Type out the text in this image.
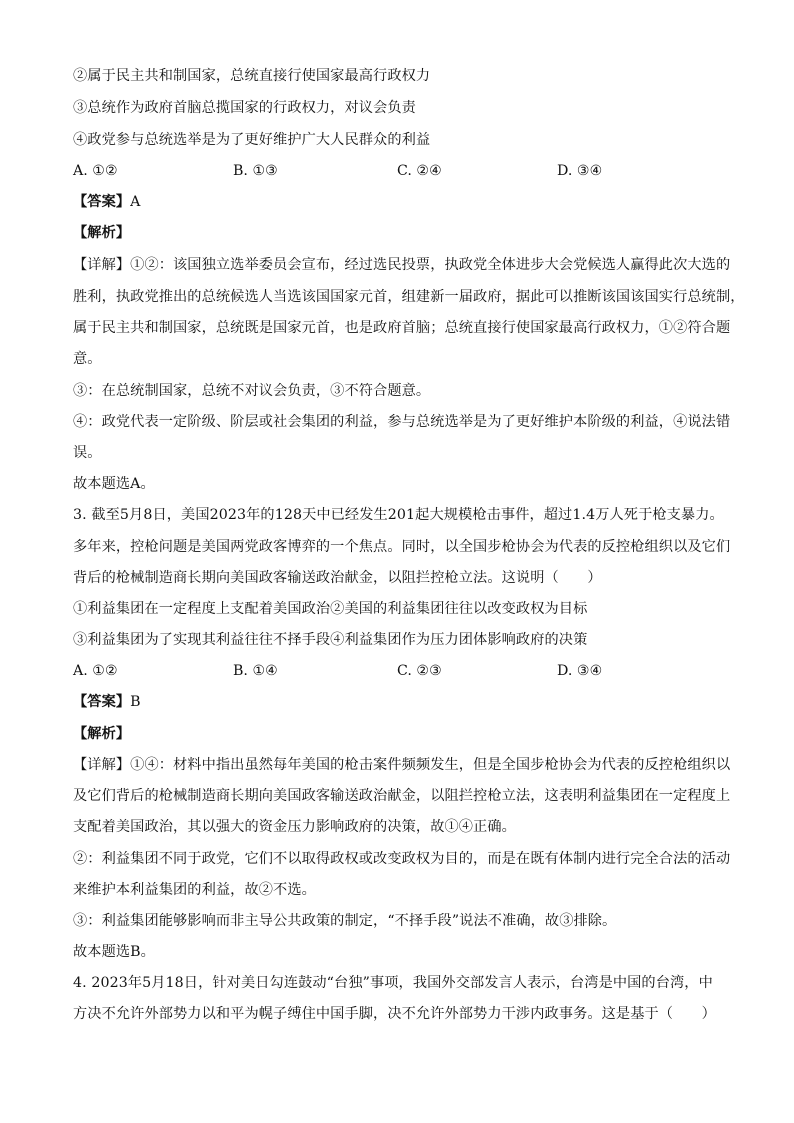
②属于民主共和制国家，总统直接行使国家最高行政权力
③总统作为政府首脑总揽国家的行政权力，对议会负责
④政党参与总统选举是为了更好维护广大人民群众的利益
A. ①②	B. ①③	C. ②④	D. ③④
【答案】A
【解析】
【详解】①②：该国独立选举委员会宣布，经过选民投票，执政党全体进步大会党候选人赢得此次大选的
胜利，执政党推出的总统候选人当选该国国家元首，组建新一届政府，据此可以推断该国该国实行总统制，
属于民主共和制国家，总统既是国家元首，也是政府首脑；总统直接行使国家最高行政权力，①②符合题
意。
③：在总统制国家，总统不对议会负责，③不符合题意。
④：政党代表一定阶级、阶层或社会集团的利益，参与总统选举是为了更好维护本阶级的利益，④说法错
误。
故本题选A。
3. 截至5月8日，美国2023年的128天中已经发生201起大规模枪击事件，超过1.4万人死于枪支暴力。
多年来，控枪问题是美国两党政客博弈的一个焦点。同时，以全国步枪协会为代表的反控枪组织以及它们
背后的枪械制造商长期向美国政客输送政治献金，以阻拦控枪立法。这说明（　　）
①利益集团在一定程度上支配着美国政治②美国的利益集团往往以改变政权为目标
③利益集团为了实现其利益往往不择手段④利益集团作为压力团体影响政府的决策
A. ①②	B. ①④	C. ②③	D. ③④
【答案】B
【解析】
【详解】①④：材料中指出虽然每年美国的枪击案件频频发生，但是全国步枪协会为代表的反控枪组织以
及它们背后的枪械制造商长期向美国政客输送政治献金，以阻拦控枪立法，这表明利益集团在一定程度上
支配着美国政治，其以强大的资金压力影响政府的决策，故①④正确。
②：利益集团不同于政党，它们不以取得政权或改变政权为目的，而是在既有体制内进行完全合法的活动
来维护本利益集团的利益，故②不选。
③：利益集团能够影响而非主导公共政策的制定，“不择手段”说法不准确，故③排除。
故本题选B。
4. 2023年5月18日，针对美日勾连鼓动“台独”事项，我国外交部发言人表示，台湾是中国的台湾，中
方决不允许外部势力以和平为幌子缚住中国手脚，决不允许外部势力干涉内政事务。这是基于（　　）
